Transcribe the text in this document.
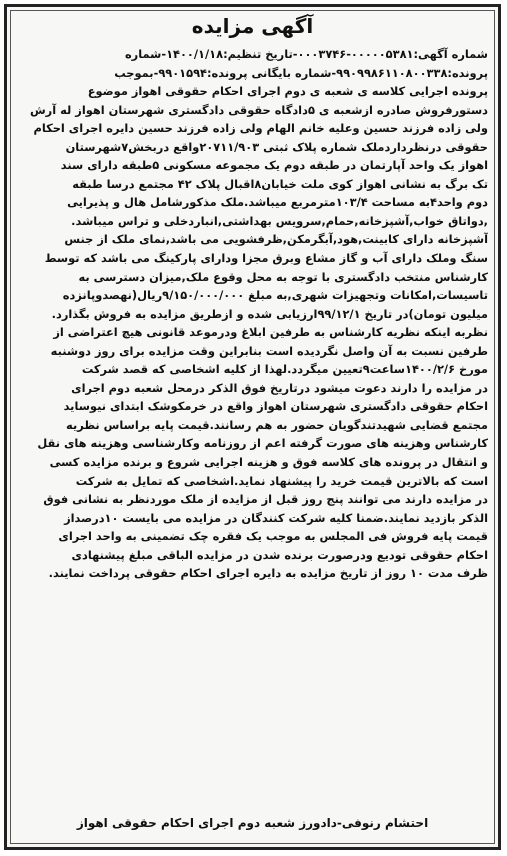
آگهی مزایده
شماره آگهی:۰۰۰۰۰۵۳۸۱-۰۰۰۳۷۴۶-تاریخ تنظیم:۱۴۰۰/۱/۱۸-شماره
پرونده:۹۹۰۹۹۸۶۱۱۰۸۰۰۳۳۸-شماره بایگانی پرونده:۹۹۰۱۵۹۴-بموجب
پرونده اجرایی کلاسه ی شعبه ی دوم اجرای احکام حقوقی اهواز موضوع
دستورفروش صادره ازشعبه ی ۵دادگاه حقوقی دادگستری شهرستان اهواز له آرش
ولی زاده فرزند حسین وعلیه خانم الهام ولی زاده فرزند حسین دایره اجرای احکام
حقوقی درنظرداردملک شماره پلاک ثبتی ۲۰۷۱۱/۹۰۳واقع دربخش۷شهرستان
اهواز یک واحد آپارتمان در طبقه دوم یک مجموعه مسکونی ۵طبقه دارای سند
تک برگ به نشانی اهواز کوی ملت خیابان۸اقبال پلاک ۴۲ مجتمع درسا طبقه
دوم واحد۴به مساحت ۱۰۳/۴مترمربع میباشد.ملک مذکورشامل هال و پذیرایی
,دواتاق خواب,آشپزخانه,حمام,سرویس بهداشتی,انباردخلی و تراس میباشد.
آشپزخانه دارای کابینت,هود,آبگرمکن,ظرفشویی می باشد,نمای ملک از جنس
سنگ وملک دارای آب و گاز مشاع وبرق مجزا ودارای پارکینگ می باشد که توسط
کارشناس منتخب دادگستری با توجه به محل وقوع ملک,میزان دسترسی به
تاسیسات,امکانات وتجهیزات شهری,به مبلغ ۹/۱۵۰/۰۰۰/۰۰۰ریال(نهصدوپانزده
میلیون تومان)در تاریخ ۹۹/۱۲/۱ارزیابی شده و ازطریق مزایده به فروش بگذارد.
نظربه اینکه نظریه کارشناس به طرفین ابلاغ ودرموعد قانونی هیچ اعتراضی از
طرفین نسبت به آن واصل نگردیده است بنابراین وقت مزایده برای روز دوشنبه
مورخ ۱۴۰۰/۲/۶ساعت۹تعیین میگردد.لهذا از کلیه اشخاصی که قصد شرکت
در مزایده را دارند دعوت میشود درتاریخ فوق الذکر درمحل شعبه دوم اجرای
احکام حقوقی دادگستری شهرستان اهواز واقع در خرمکوشک ابتدای نیوساید
مجتمع قضایی شهیدتندگویان حضور به هم رسانند.قیمت پایه براساس نظریه
کارشناس وهزینه های صورت گرفته اعم از روزنامه وکارشناسی وهزینه های نقل
و انتقال در پرونده های کلاسه فوق و هزینه اجرایی شروع و برنده مزایده کسی
است که بالاترین قیمت خرید را پیشنهاد نماید.اشخاصی که تمایل به شرکت
در مزایده دارند می توانند پنج روز قبل از مزایده از ملک مورد‌نظر به نشانی فوق
الذکر بازدید نمایند.ضمنا کلیه شرکت کنندگان در مزایده می بایست ۱۰درصداز
قیمت پایه فروش فی المجلس به موجب یک فقره چک تضمینی به واحد اجرای
احکام حقوقی تودیع ودرصورت برنده شدن در مزایده الباقی مبلغ پیشنهادی
ظرف مدت ۱۰ روز از تاریخ مزایده به دایره اجرای احکام حقوقی پرداخت نمایند.
احتشام رنوفی-دادورز شعبه دوم اجرای احکام حقوقی اهواز
